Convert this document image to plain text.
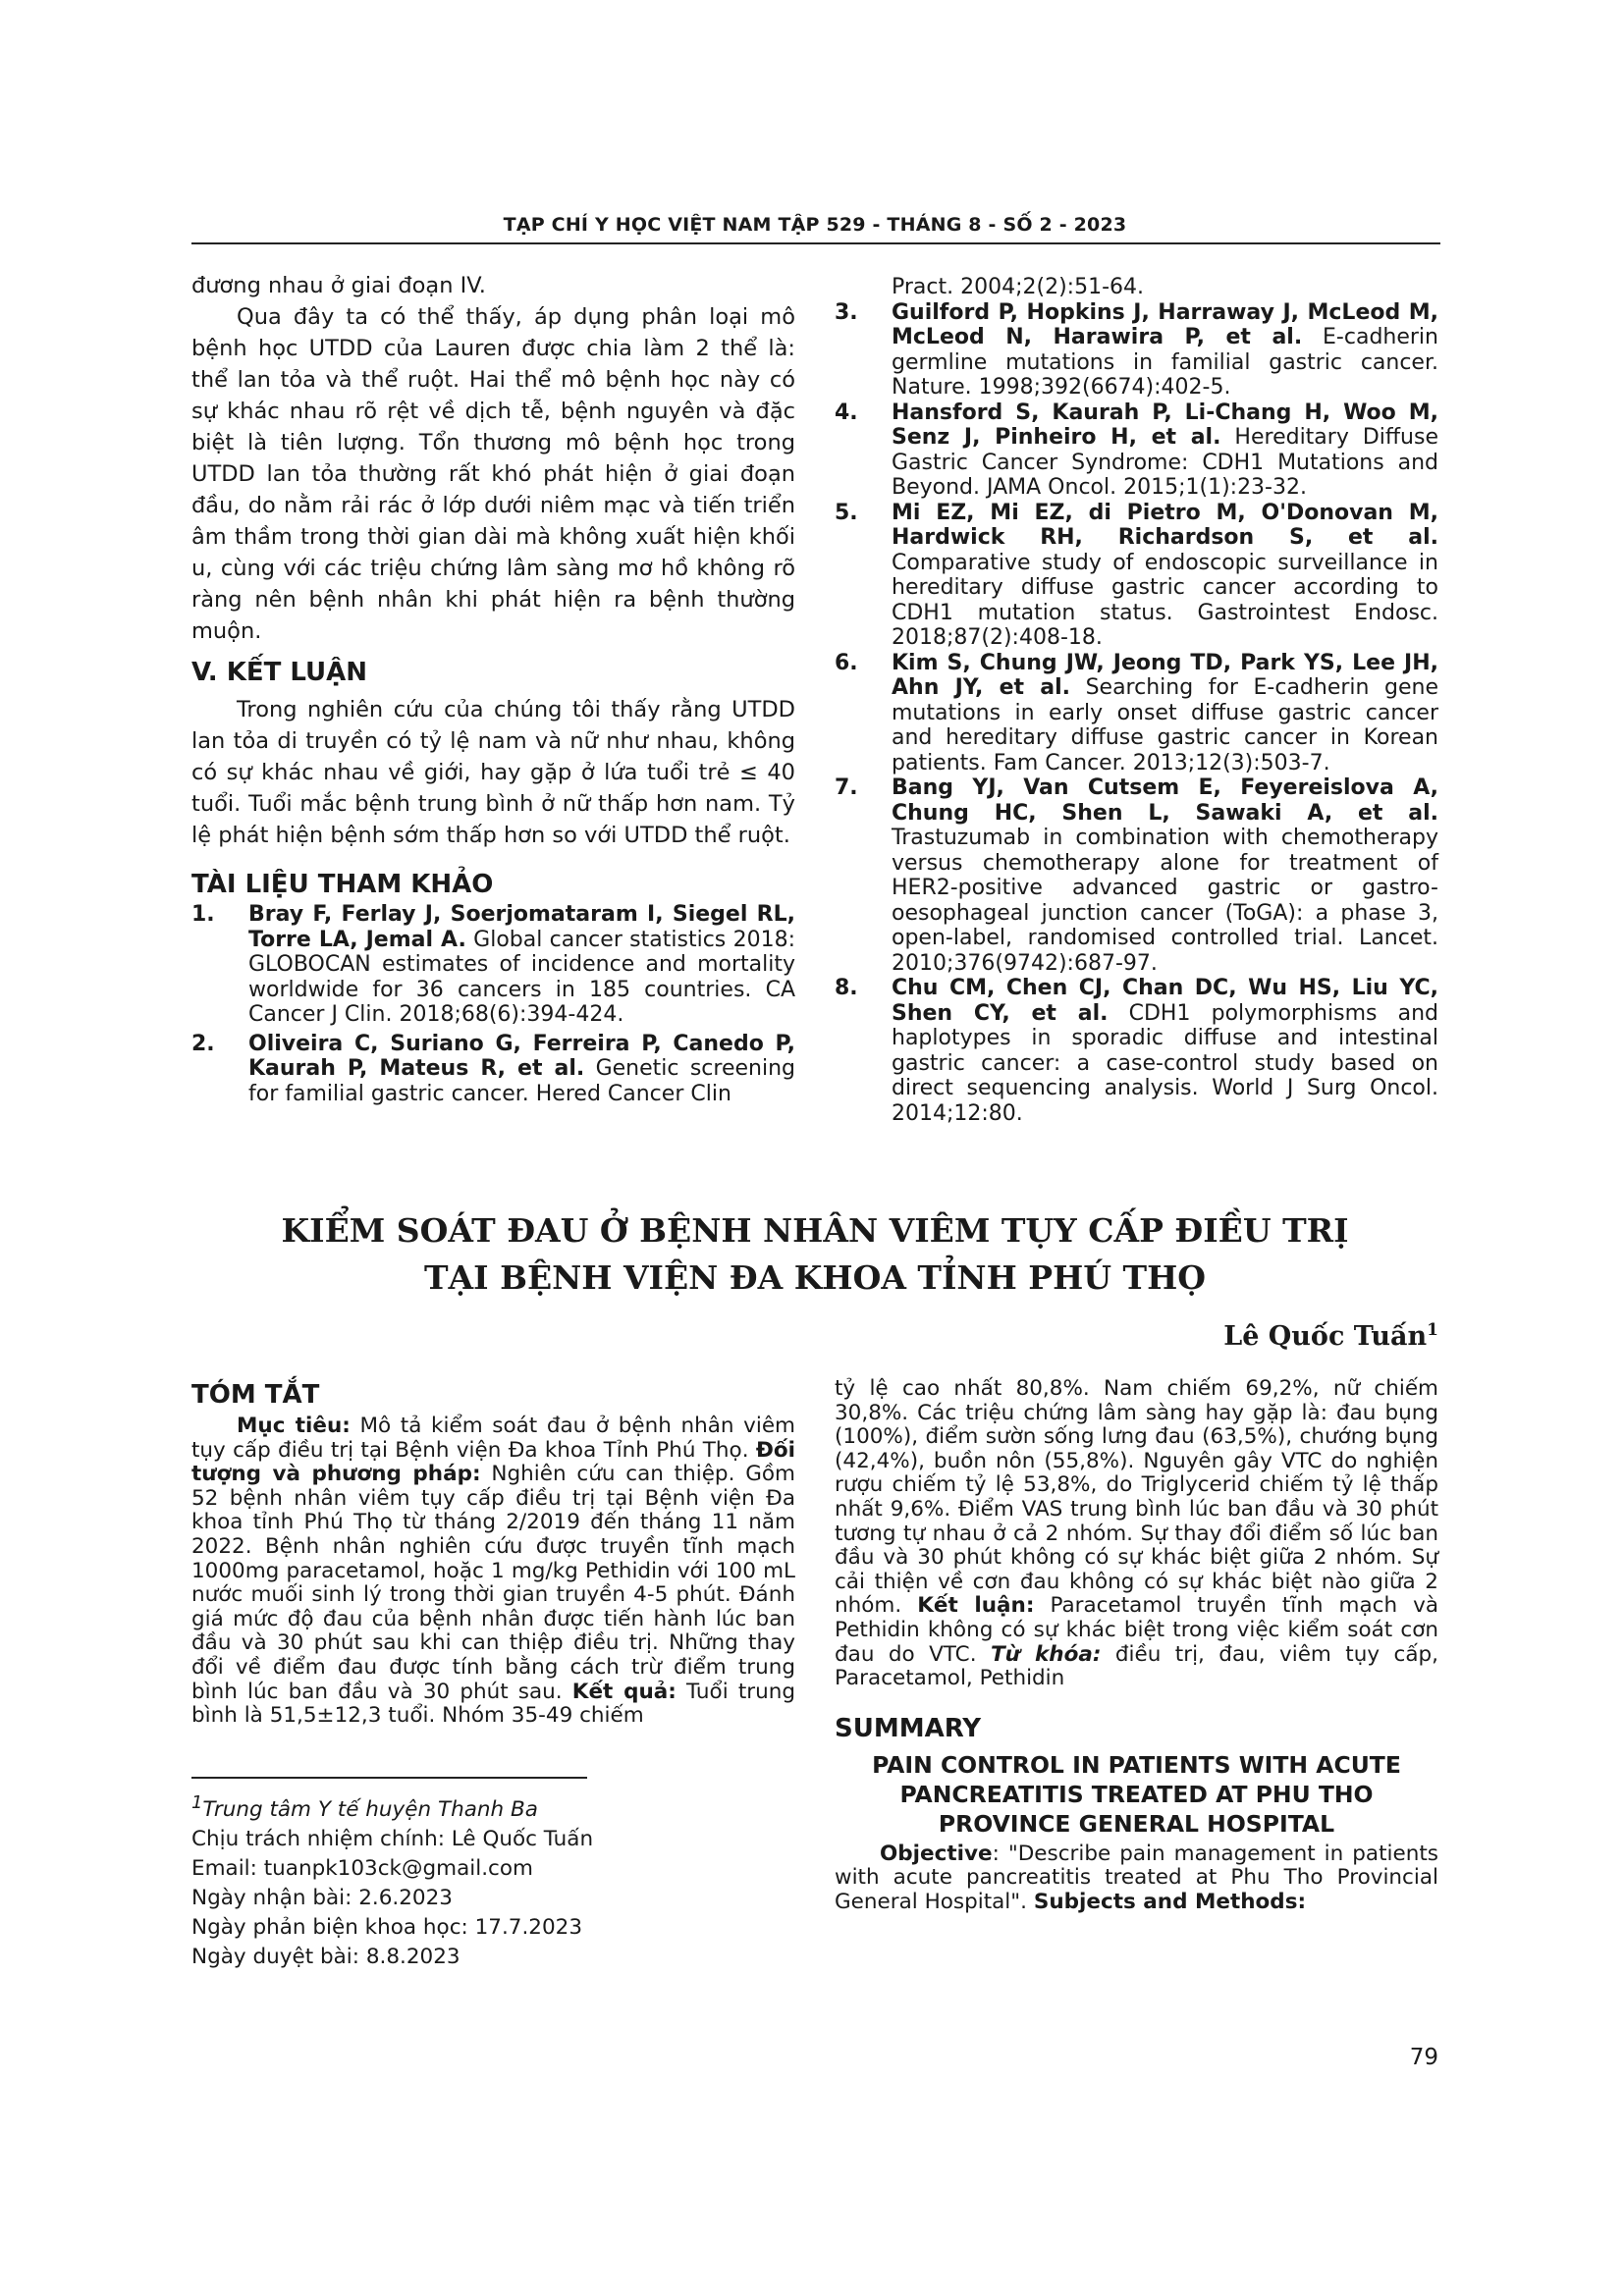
TẠP CHÍ Y HỌC VIỆT NAM TẬP 529 - THÁNG 8 - SỐ 2 - 2023

đương nhau ở giai đoạn IV.

Qua đây ta có thể thấy, áp dụng phân loại mô bệnh học UTDD của Lauren được chia làm 2 thể là: thể lan tỏa và thể ruột. Hai thể mô bệnh học này có sự khác nhau rõ rệt về dịch tễ, bệnh nguyên và đặc biệt là tiên lượng. Tổn thương mô bệnh học trong UTDD lan tỏa thường rất khó phát hiện ở giai đoạn đầu, do nằm rải rác ở lớp dưới niêm mạc và tiến triển âm thầm trong thời gian dài mà không xuất hiện khối u, cùng với các triệu chứng lâm sàng mơ hồ không rõ ràng nên bệnh nhân khi phát hiện ra bệnh thường muộn.

V. KẾT LUẬN

Trong nghiên cứu của chúng tôi thấy rằng UTDD lan tỏa di truyền có tỷ lệ nam và nữ như nhau, không có sự khác nhau về giới, hay gặp ở lứa tuổi trẻ ≤ 40 tuổi. Tuổi mắc bệnh trung bình ở nữ thấp hơn nam. Tỷ lệ phát hiện bệnh sớm thấp hơn so với UTDD thể ruột.

TÀI LIỆU THAM KHẢO
1. Bray F, Ferlay J, Soerjomataram I, Siegel RL, Torre LA, Jemal A. Global cancer statistics 2018: GLOBOCAN estimates of incidence and mortality worldwide for 36 cancers in 185 countries. CA Cancer J Clin. 2018;68(6):394-424.
2. Oliveira C, Suriano G, Ferreira P, Canedo P, Kaurah P, Mateus R, et al. Genetic screening for familial gastric cancer. Hered Cancer Clin
Pract. 2004;2(2):51-64.
3. Guilford P, Hopkins J, Harraway J, McLeod M, McLeod N, Harawira P, et al. E-cadherin germline mutations in familial gastric cancer. Nature. 1998;392(6674):402-5.
4. Hansford S, Kaurah P, Li-Chang H, Woo M, Senz J, Pinheiro H, et al. Hereditary Diffuse Gastric Cancer Syndrome: CDH1 Mutations and Beyond. JAMA Oncol. 2015;1(1):23-32.
5. Mi EZ, Mi EZ, di Pietro M, O'Donovan M, Hardwick RH, Richardson S, et al. Comparative study of endoscopic surveillance in hereditary diffuse gastric cancer according to CDH1 mutation status. Gastrointest Endosc. 2018;87(2):408-18.
6. Kim S, Chung JW, Jeong TD, Park YS, Lee JH, Ahn JY, et al. Searching for E-cadherin gene mutations in early onset diffuse gastric cancer and hereditary diffuse gastric cancer in Korean patients. Fam Cancer. 2013;12(3):503-7.
7. Bang YJ, Van Cutsem E, Feyereislova A, Chung HC, Shen L, Sawaki A, et al. Trastuzumab in combination with chemotherapy versus chemotherapy alone for treatment of HER2-positive advanced gastric or gastro-oesophageal junction cancer (ToGA): a phase 3, open-label, randomised controlled trial. Lancet. 2010;376(9742):687-97.
8. Chu CM, Chen CJ, Chan DC, Wu HS, Liu YC, Shen CY, et al. CDH1 polymorphisms and haplotypes in sporadic diffuse and intestinal gastric cancer: a case-control study based on direct sequencing analysis. World J Surg Oncol. 2014;12:80.
KIỂM SOÁT ĐAU Ở BỆNH NHÂN VIÊM TỤY CẤP ĐIỀU TRỊ
TẠI BỆNH VIỆN ĐA KHOA TỈNH PHÚ THỌ
Lê Quốc Tuấn$^1$
TÓM TẮT

Mục tiêu: Mô tả kiểm soát đau ở bệnh nhân viêm tụy cấp điều trị tại Bệnh viện Đa khoa Tỉnh Phú Thọ. Đối tượng và phương pháp: Nghiên cứu can thiệp. Gồm 52 bệnh nhân viêm tụy cấp điều trị tại Bệnh viện Đa khoa tỉnh Phú Thọ từ tháng 2/2019 đến tháng 11 năm 2022. Bệnh nhân nghiên cứu được truyền tĩnh mạch 1000mg paracetamol, hoặc 1 mg/kg Pethidin với 100 mL nước muối sinh lý trong thời gian truyền 4-5 phút. Đánh giá mức độ đau của bệnh nhân được tiến hành lúc ban đầu và 30 phút sau khi can thiệp điều trị. Những thay đổi về điểm đau được tính bằng cách trừ điểm trung bình lúc ban đầu và 30 phút sau. Kết quả: Tuổi trung bình là 51,5±12,3 tuổi. Nhóm 35-49 chiếm

$^1$Trung tâm Y tế huyện Thanh Ba

Chịu trách nhiệm chính: Lê Quốc Tuấn

Email: tuanpk103ck@gmail.com

Ngày nhận bài: 2.6.2023

Ngày phản biện khoa học: 17.7.2023

Ngày duyệt bài: 8.8.2023

tỷ lệ cao nhất 80,8%. Nam chiếm 69,2%, nữ chiếm 30,8%. Các triệu chứng lâm sàng hay gặp là: đau bụng (100%), điểm sườn sống lưng đau (63,5%), chướng bụng (42,4%), buồn nôn (55,8%). Nguyên gây VTC do nghiện rượu chiếm tỷ lệ 53,8%, do Triglycerid chiếm tỷ lệ thấp nhất 9,6%. Điểm VAS trung bình lúc ban đầu và 30 phút tương tự nhau ở cả 2 nhóm. Sự thay đổi điểm số lúc ban đầu và 30 phút không có sự khác biệt giữa 2 nhóm. Sự cải thiện về cơn đau không có sự khác biệt nào giữa 2 nhóm. Kết luận: Paracetamol truyền tĩnh mạch và Pethidin không có sự khác biệt trong việc kiểm soát cơn đau do VTC. Từ khóa: điều trị, đau, viêm tụy cấp, Paracetamol, Pethidin

SUMMARY
PAIN CONTROL IN PATIENTS WITH ACUTE
PANCREATITIS TREATED AT PHU THO
PROVINCE GENERAL HOSPITAL

Objective: "Describe pain management in patients with acute pancreatitis treated at Phu Tho Provincial General Hospital". Subjects and Methods:

79
